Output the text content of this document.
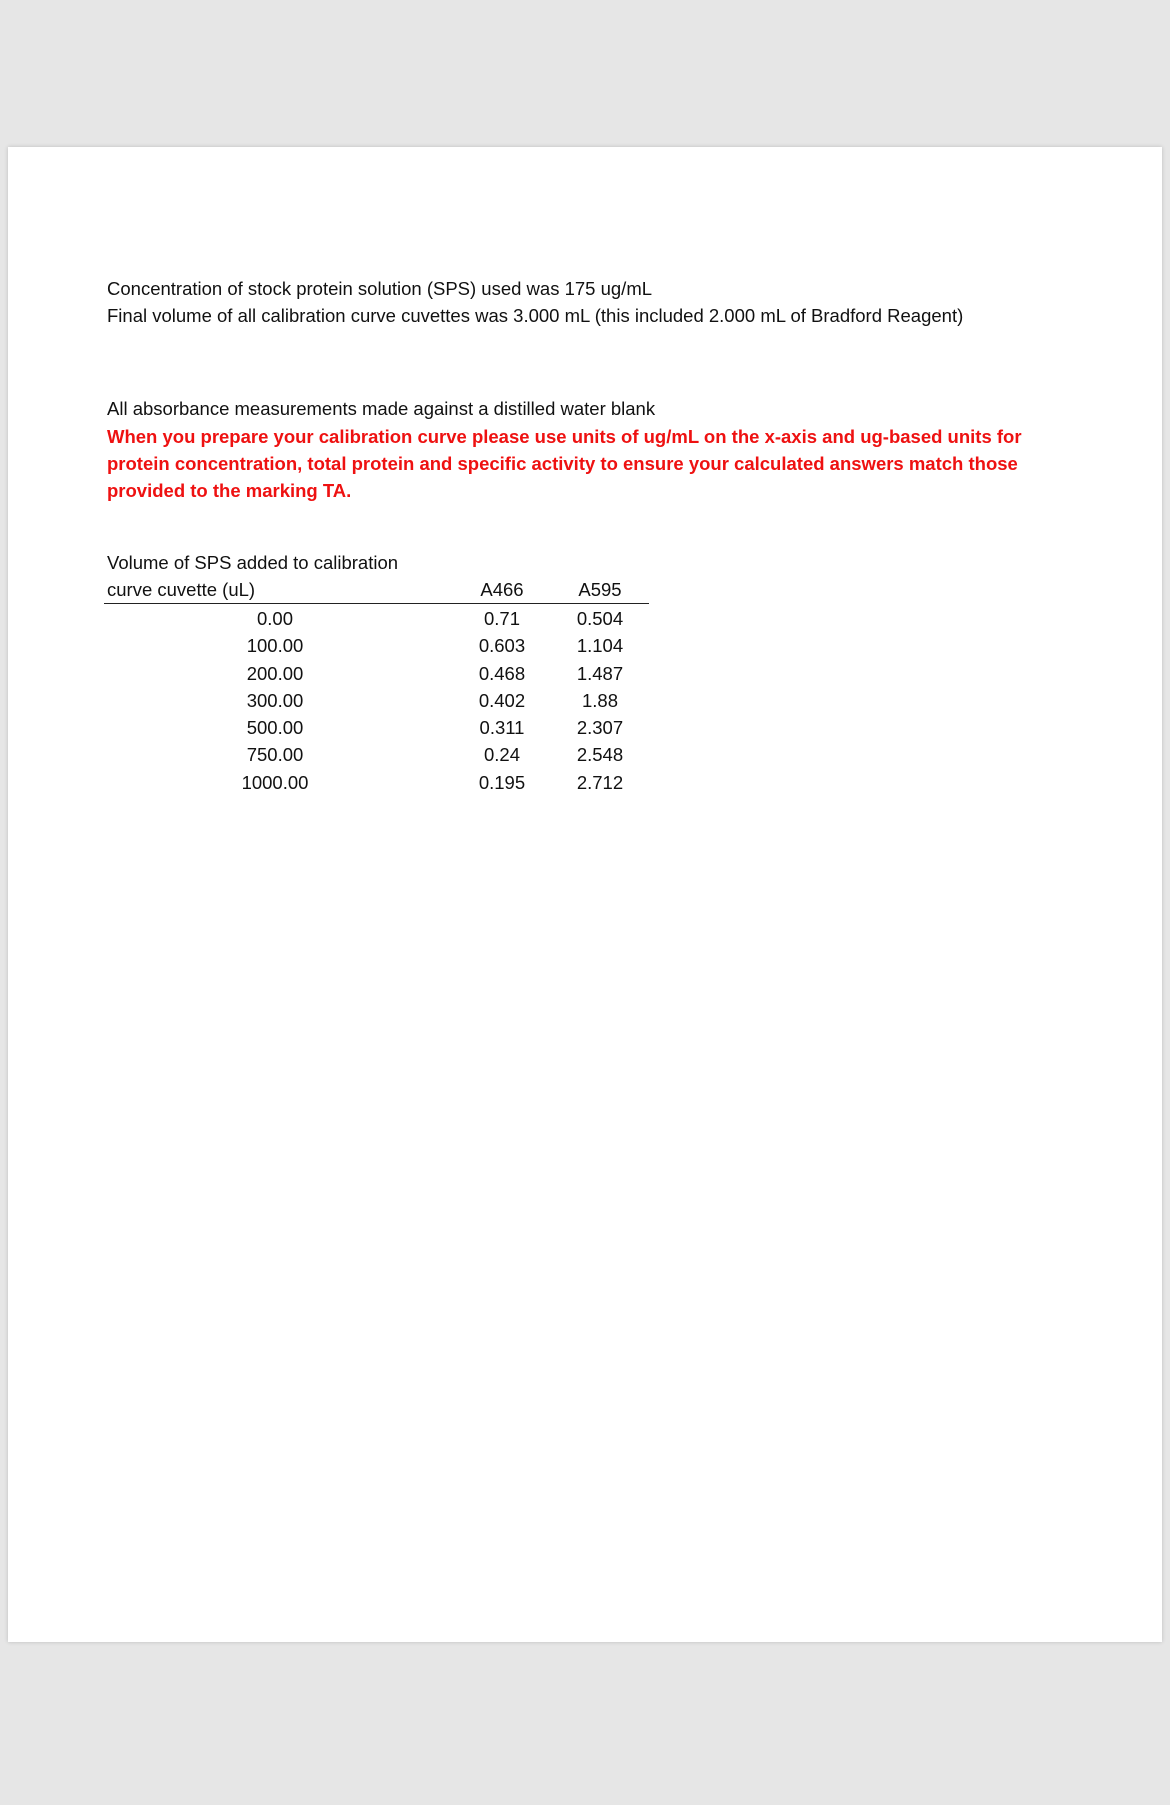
Concentration of stock protein solution (SPS) used was 175 ug/mL
Final volume of all calibration curve cuvettes was 3.000 mL (this included 2.000 mL of Bradford Reagent)
All absorbance measurements made against a distilled water blank
When you prepare your calibration curve please use units of ug/mL on the x-axis and ug-based units for
protein concentration, total protein and specific activity to ensure your calculated answers match those
provided to the marking TA.
Volume of SPS added to calibration
curve cuvette (uL)	A466	A595
0.00	0.71	0.504
100.00	0.603	1.104
200.00	0.468	1.487
300.00	0.402	1.88
500.00	0.311	2.307
750.00	0.24	2.548
1000.00	0.195	2.712
